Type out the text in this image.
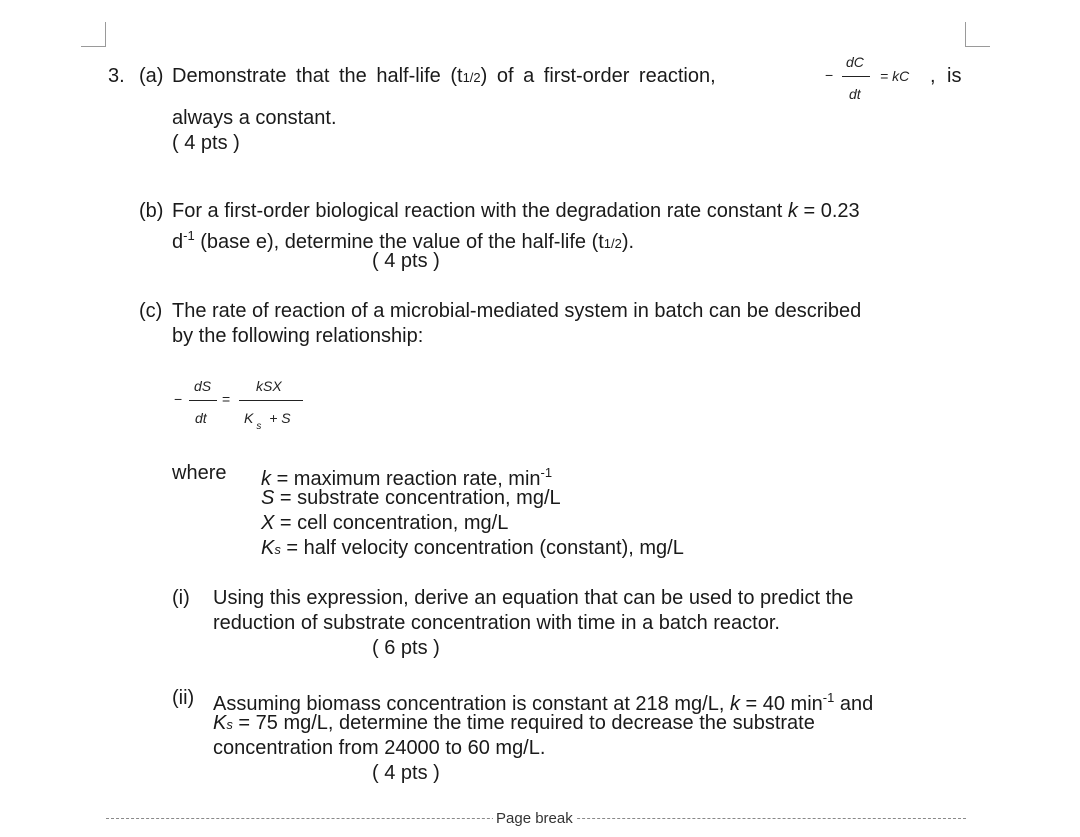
3. (a) Demonstrate that the half-life (t1/2) of a first-order reaction,	−
dC
dt
= kC , is
always a constant.
( 4 pts )
(b) For a first-order biological reaction with the degradation rate constant k = 0.23
$d^{-1}$ (base e), determine the value of the half-life (t1/2).
( 4 pts )
(c) The rate of reaction of a microbial-mediated system in batch can be described
by the following relationship:
−
dS
dt
=
kSX
$K_s + S$
where k = maximum reaction rate, $\min^{-1}$
S = substrate concentration, mg/L
X = cell concentration, mg/L
Ks = half velocity concentration (constant), mg/L
(i) Using this expression, derive an equation that can be used to predict the
reduction of substrate concentration with time in a batch reactor.
( 6 pts )
(ii) Assuming biomass concentration is constant at 218 mg/L, k = 40 $\min^{-1}$ and
Ks = 75 mg/L, determine the time required to decrease the substrate
concentration from 24000 to 60 mg/L.
( 4 pts )
Page break
